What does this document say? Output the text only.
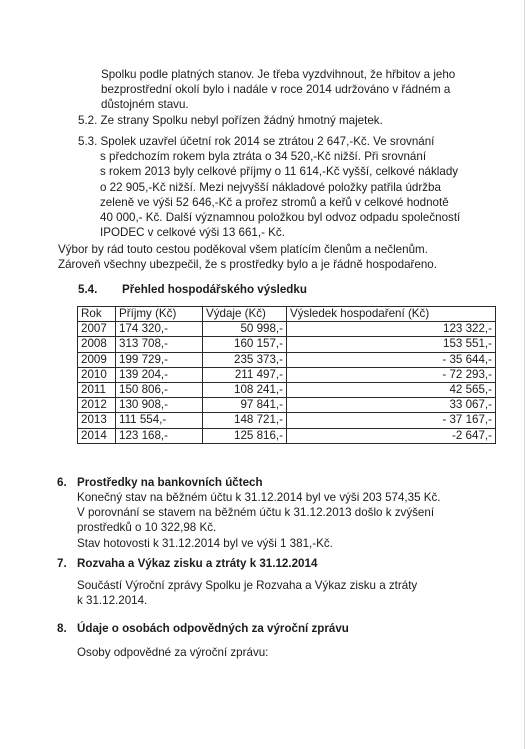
Spolku podle platných stanov. Je třeba vyzdvihnout, že hřbitov a jeho
bezprostřední okolí bylo i nadále v roce 2014 udržováno v řádném a
důstojném stavu.
5.2. Ze strany Spolku nebyl pořízen žádný hmotný majetek.
5.3. Spolek uzavřel účetní rok 2014 se ztrátou 2 647,-Kč. Ve srovnání
s předchozím rokem byla ztráta o 34 520,-Kč nižší. Při srovnání
s rokem 2013 byly celkové příjmy o 11 614,-Kč vyšší, celkové náklady
o 22 905,-Kč nižší. Mezi nejvyšší nákladové položky patřila údržba
zeleně ve výši 52 646,-Kč a prořez stromů a keřů v celkové hodnotě
40 000,- Kč. Další významnou položkou byl odvoz odpadu společností
IPODEC v celkové výši 13 661,- Kč.
Výbor by rád touto cestou poděkoval všem platícím členům a nečlenům.
Zároveň všechny ubezpečil, že s prostředky bylo a je řádně hospodařeno.
5.4. Přehled hospodářského výsledku
Rok	Příjmy (Kč)	Výdaje (Kč)	Výsledek hospodaření (Kč)
2007	174 320,-	50 998,-	123 322,-
2008	313 708,-	160 157,-	153 551,-
2009	199 729,-	235 373,-	- 35 644,-
2010	139 204,-	211 497,-	- 72 293,-
2011	150 806,-	108 241,-	42 565,-
2012	130 908,-	97 841,-	33 067,-
2013	111 554,-	148 721,-	- 37 167,-
2014	123 168,-	125 816,-	-2 647,-
6. Prostředky na bankovních účtech
Konečný stav na běžném účtu k 31.12.2014 byl ve výši 203 574,35 Kč.
V porovnání se stavem na běžném účtu k 31.12.2013 došlo k zvýšení
prostředků o 10 322,98 Kč.
Stav hotovosti k 31.12.2014 byl ve výši 1 381,-Kč.
7. Rozvaha a Výkaz zisku a ztráty k 31.12.2014
Součástí Výroční zprávy Spolku je Rozvaha a Výkaz zisku a ztráty
k 31.12.2014.
8. Údaje o osobách odpovědných za výroční zprávu
Osoby odpovědné za výroční zprávu:
